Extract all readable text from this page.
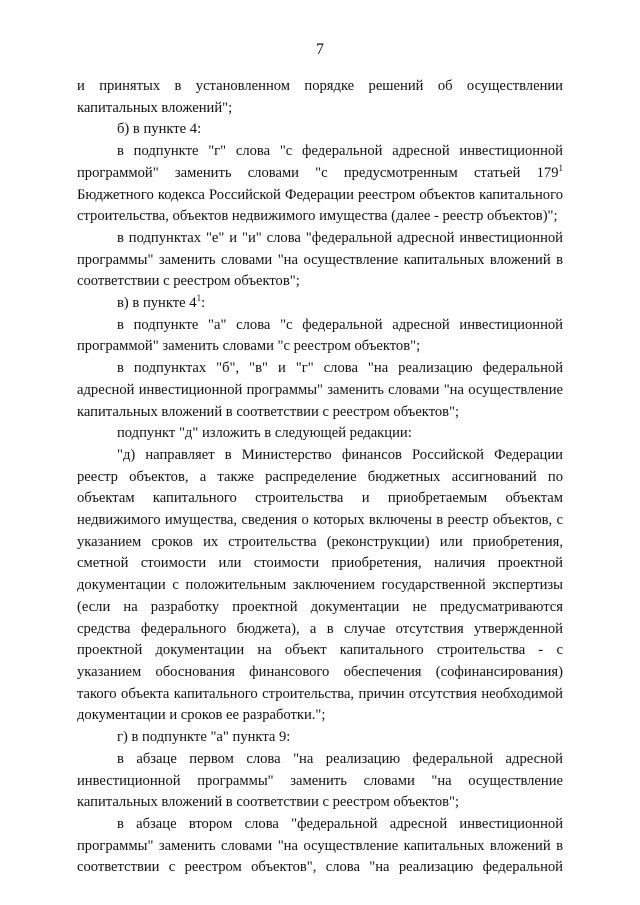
7

и принятых в установленном порядке решений об осуществлении капитальных вложений";

б) в пункте 4:

в подпункте "г" слова "с федеральной адресной инвестиционной программой" заменить словами "с предусмотренным статьей 179$^1$ Бюджетного кодекса Российской Федерации реестром объектов капитального строительства, объектов недвижимого имущества (далее - реестр объектов)";

в подпунктах "е" и "и" слова "федеральной адресной инвестиционной программы" заменить словами "на осуществление капитальных вложений в соответствии с реестром объектов";

в) в пункте 4$^1$:

в подпункте "а" слова "с федеральной адресной инвестиционной программой" заменить словами "с реестром объектов";

в подпунктах "б", "в" и "г" слова "на реализацию федеральной адресной инвестиционной программы" заменить словами "на осуществление капитальных вложений в соответствии с реестром объектов";

подпункт "д" изложить в следующей редакции:

"д) направляет в Министерство финансов Российской Федерации реестр объектов, а также распределение бюджетных ассигнований по объектам капитального строительства и приобретаемым объектам недвижимого имущества, сведения о которых включены в реестр объектов, с указанием сроков их строительства (реконструкции) или приобретения, сметной стоимости или стоимости приобретения, наличия проектной документации с положительным заключением государственной экспертизы (если на разработку проектной документации не предусматриваются средства федерального бюджета), а в случае отсутствия утвержденной проектной документации на объект капитального строительства - с указанием обоснования финансового обеспечения (софинансирования) такого объекта капитального строительства, причин отсутствия необходимой документации и сроков ее разработки.";

г) в подпункте "а" пункта 9:

в абзаце первом слова "на реализацию федеральной адресной инвестиционной программы" заменить словами "на осуществление капитальных вложений в соответствии с реестром объектов";

в абзаце втором слова "федеральной адресной инвестиционной программы" заменить словами "на осуществление капитальных вложений в соответствии с реестром объектов", слова "на реализацию федеральной
